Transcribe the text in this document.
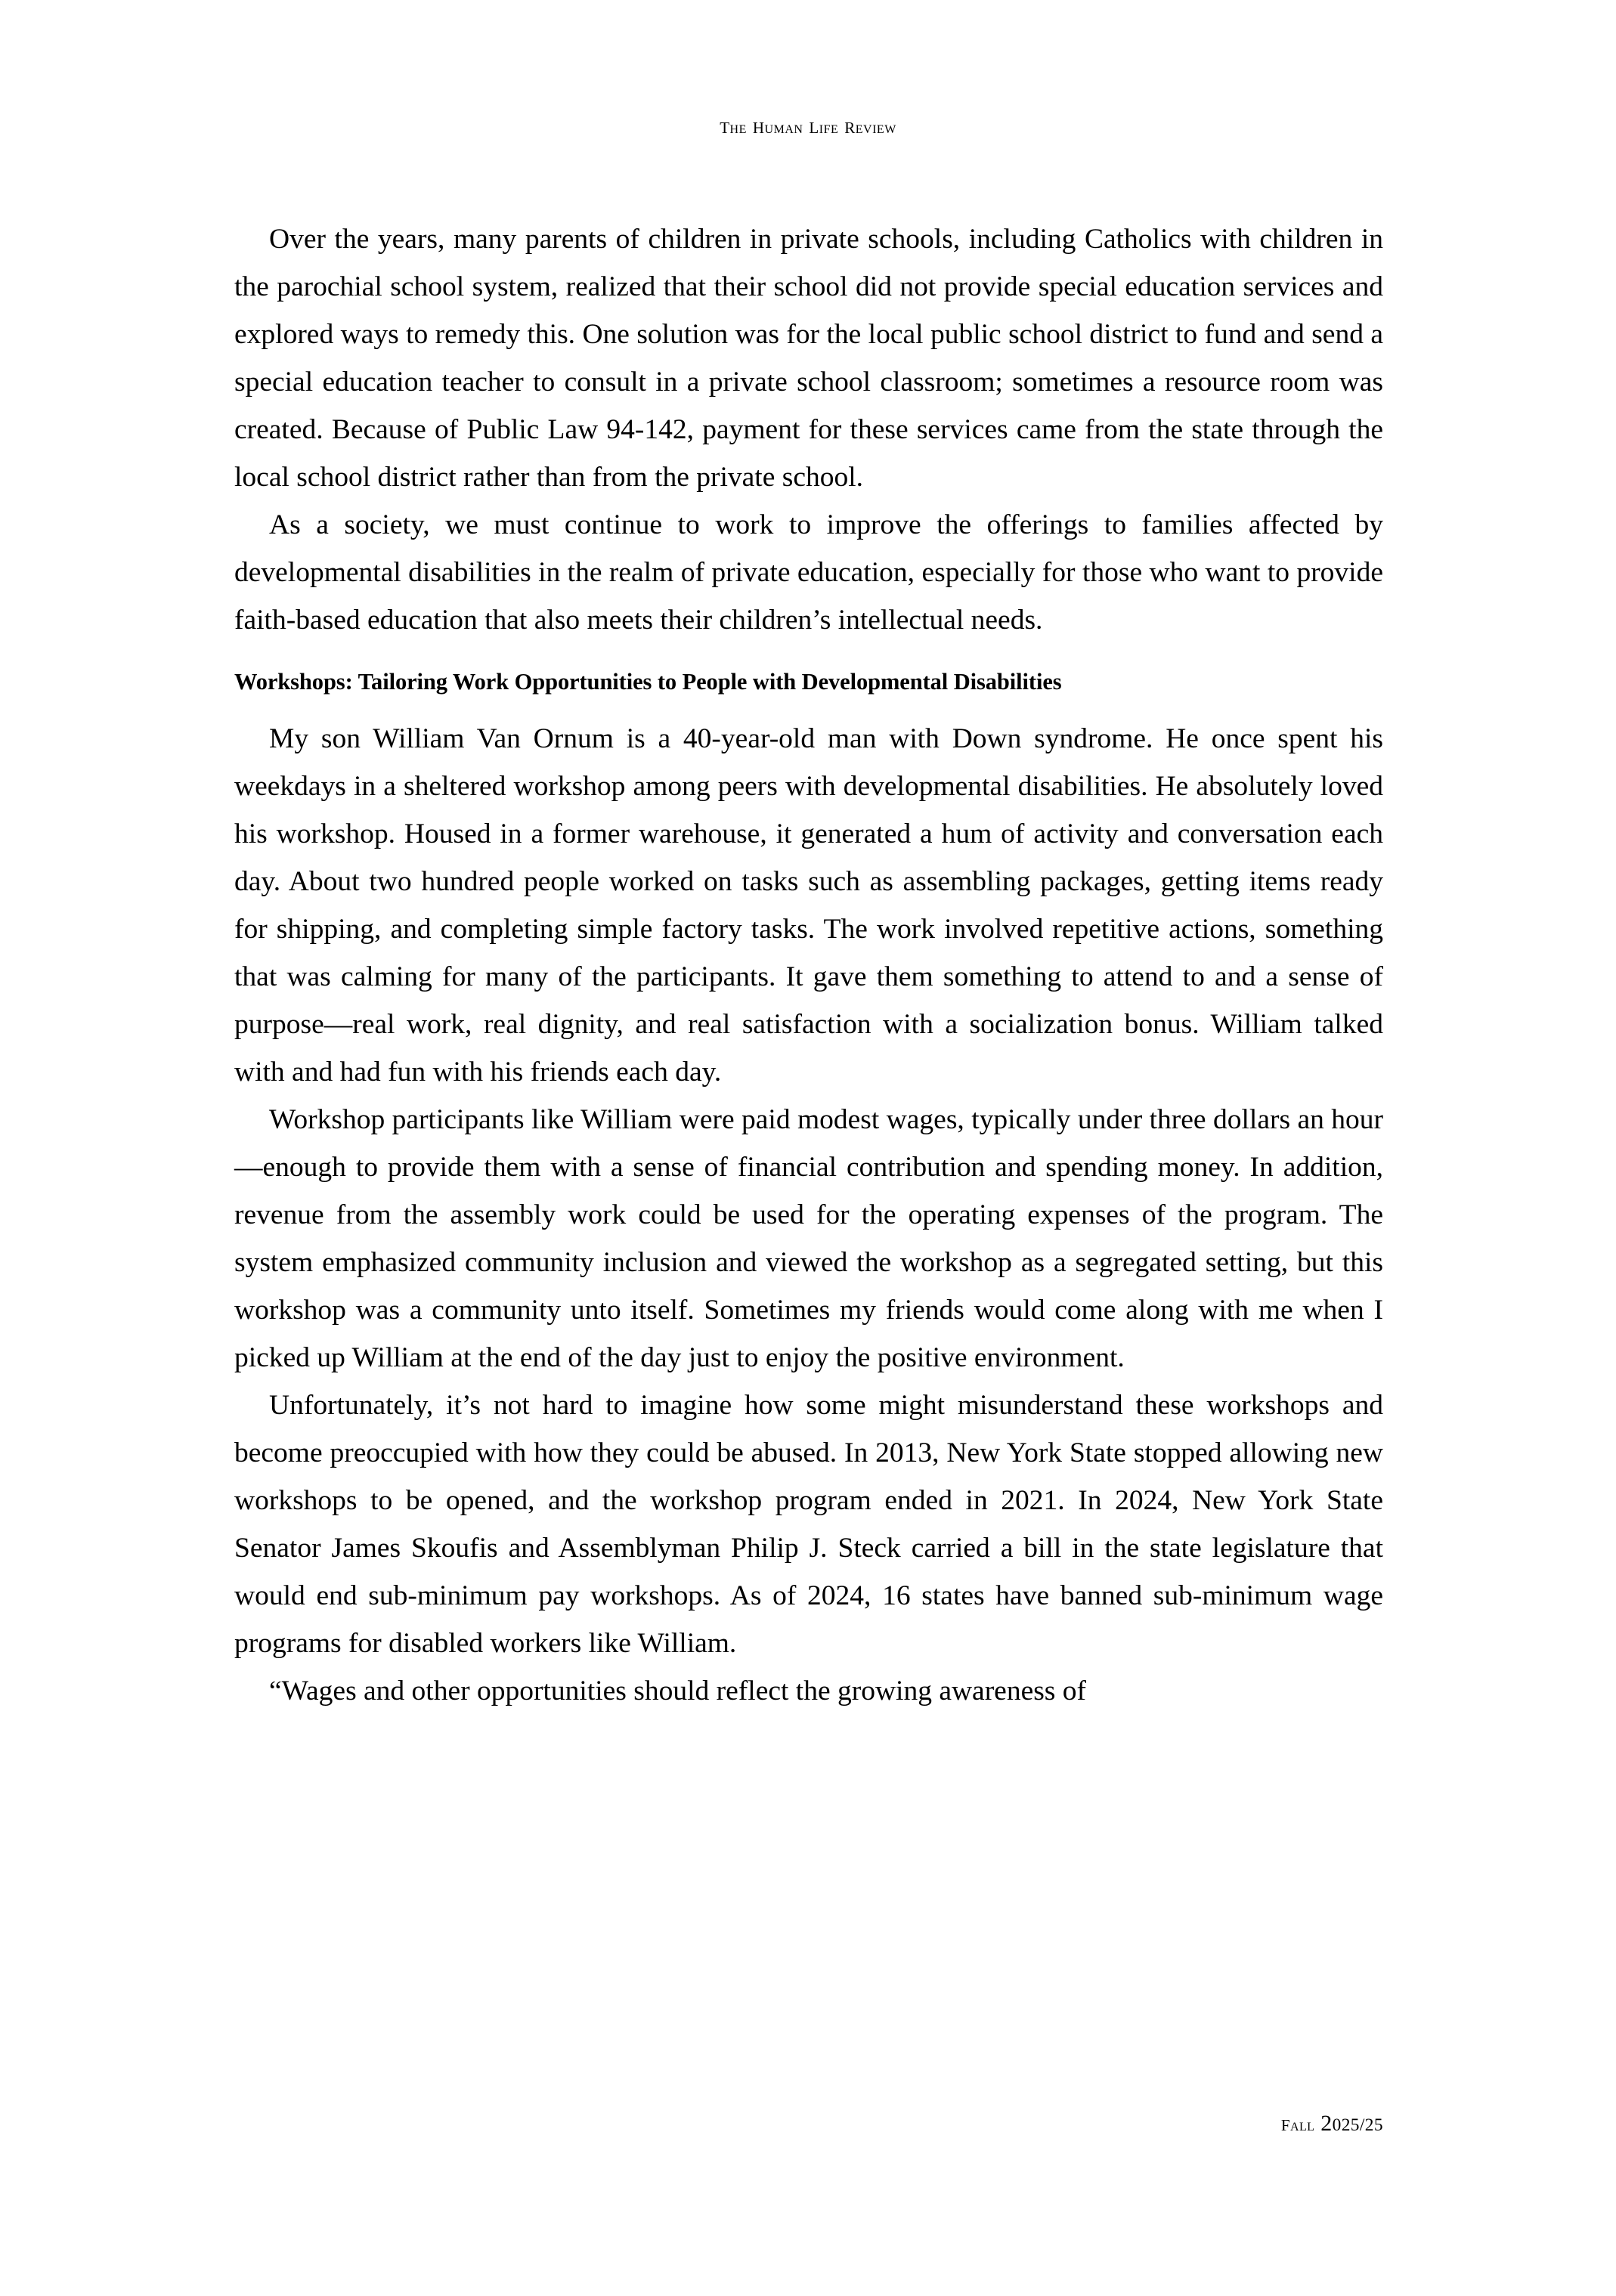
the human life review

Over the years, many parents of children in private schools, including Catholics with children in the parochial school system, realized that their school did not provide special education services and explored ways to remedy this. One solution was for the local public school district to fund and send a special education teacher to consult in a private school classroom; sometimes a resource room was created. Because of Public Law 94-142, payment for these services came from the state through the local school district rather than from the private school.

As a society, we must continue to work to improve the offerings to families affected by developmental disabilities in the realm of private education, especially for those who want to provide faith-based education that also meets their children’s intellectual needs.

Workshops: Tailoring Work Opportunities to People with Developmental Disabilities

My son William Van Ornum is a 40-year-old man with Down syndrome. He once spent his weekdays in a sheltered workshop among peers with developmental disabilities. He absolutely loved his workshop. Housed in a former warehouse, it generated a hum of activity and conversation each day. About two hundred people worked on tasks such as assembling packages, getting items ready for shipping, and completing simple factory tasks. The work involved repetitive actions, something that was calming for many of the participants. It gave them something to attend to and a sense of purpose—real work, real dignity, and real satisfaction with a socialization bonus. William talked with and had fun with his friends each day.

Workshop participants like William were paid modest wages, typically under three dollars an hour—enough to provide them with a sense of financial contribution and spending money. In addition, revenue from the assembly work could be used for the operating expenses of the program. The system emphasized community inclusion and viewed the workshop as a segregated setting, but this workshop was a community unto itself. Sometimes my friends would come along with me when I picked up William at the end of the day just to enjoy the positive environment.

Unfortunately, it’s not hard to imagine how some might misunderstand these workshops and become preoccupied with how they could be abused. In 2013, New York State stopped allowing new workshops to be opened, and the workshop program ended in 2021. In 2024, New York State Senator James Skoufis and Assemblyman Philip J. Steck carried a bill in the state legislature that would end sub-minimum pay workshops. As of 2024, 16 states have banned sub-minimum wage programs for disabled workers like William.

“Wages and other opportunities should reflect the growing awareness of

fall 2025/25
